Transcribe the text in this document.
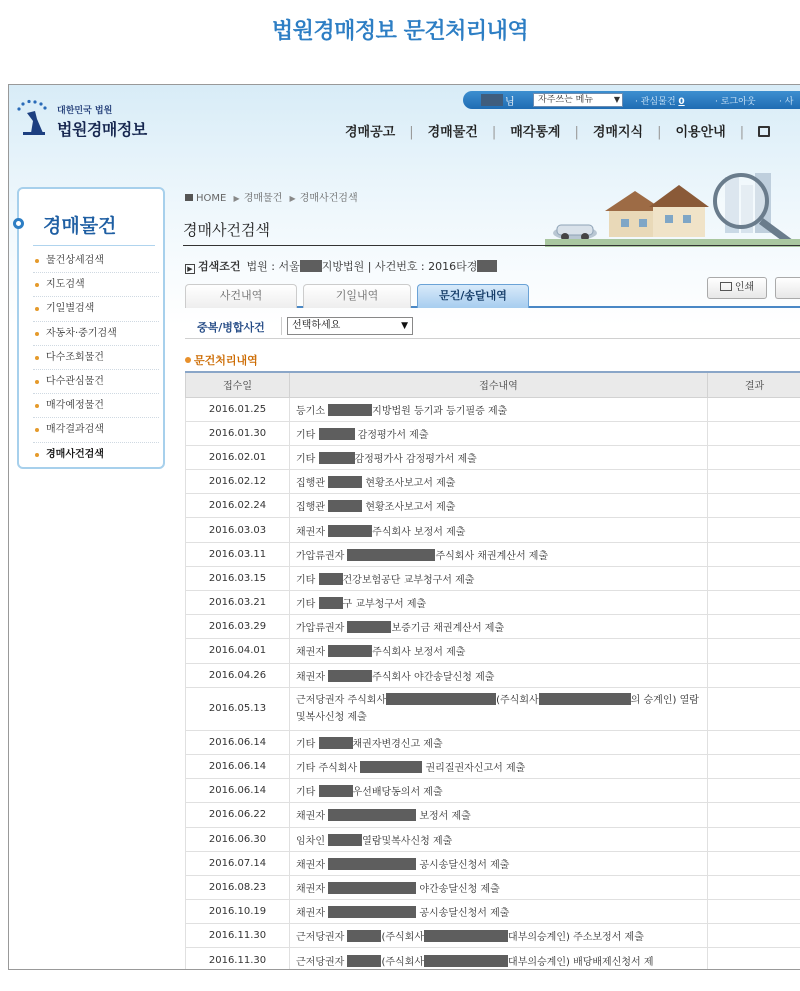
법원경매정보 문건처리내역
대한민국 법원
법원경매정보
님	자주쓰는 메뉴	▼ · 관심물건 0	· 로그아웃	· 사
경매공고 | 경매물건 | 매각통계 | 경매지식 | 이용안내 |
경매물건
물건상세검색
지도검색
기일별검색
자동차·중기검색
다수조회물건
다수관심물건
매각예정물건
매각결과검색
경매사건검색
HOME ▶ 경매물건 ▶ 경매사건검색
경매사건검색
▶ 검색조건 법원 : 서울 지방법원 | 사건번호 : 2016타경
인쇄
사건내역	기일내역	문건/송달내역
중복/병합사건	선택하세요	▼
문건처리내역
접수일	접수내역	결과
2016.01.25	등기소 지방법원 등기과 등기필증 제출	
2016.01.30	기타 감정평가서 제출	
2016.02.01	기타 감정평가사 감정평가서 제출	
2016.02.12	집행관 현황조사보고서 제출	
2016.02.24	집행관 현황조사보고서 제출	
2016.03.03	채권자 주식회사 보정서 제출	
2016.03.11	가압류권자 주식회사 채권계산서 제출	
2016.03.15	기타 건강보험공단 교부청구서 제출	
2016.03.21	기타 구 교부청구서 제출	
2016.03.29	가압류권자 보증기금 채권계산서 제출	
2016.04.01	채권자 주식회사 보정서 제출	
2016.04.26	채권자 주식회사 야간송달신청 제출	
2016.05.13	근저당권자 주식회사 (주식회사 의 승계인) 열람및복사신청 제출	
2016.06.14	기타 채권자변경신고 제출	
2016.06.14	기타 주식회사 권리질권자신고서 제출	
2016.06.14	기타 우선배당동의서 제출	
2016.06.22	채권자 보정서 제출	
2016.06.30	임차인 열람및복사신청 제출	
2016.07.14	채권자 공시송달신청서 제출	
2016.08.23	채권자 야간송달신청 제출	
2016.10.19	채권자 공시송달신청서 제출	
2016.11.30	근저당권자 (주식회사 대부의승계인) 주소보정서 제출	
2016.11.30	근저당권자 (주식회사 대부의승계인) 배당배제신청서 제	
